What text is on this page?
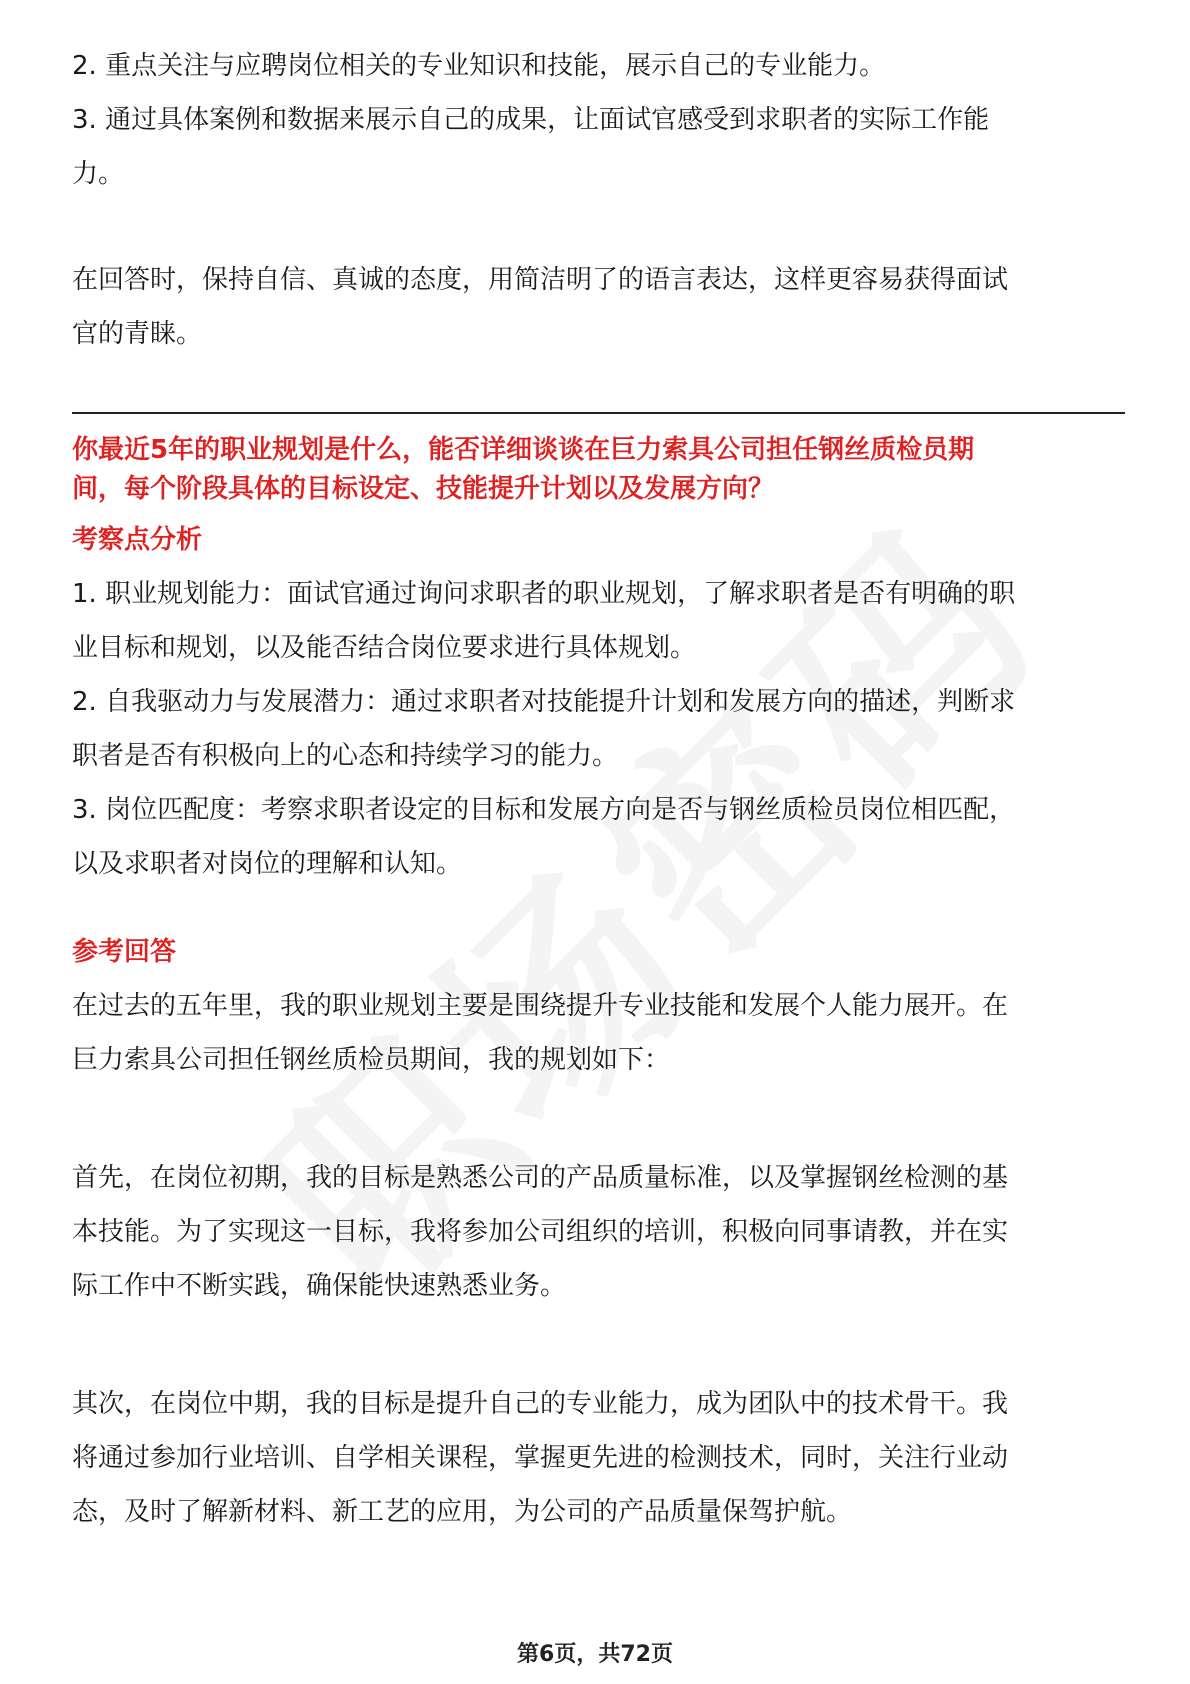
2. 重点关注与应聘岗位相关的专业知识和技能，展示自己的专业能力。
3. 通过具体案例和数据来展示自己的成果，让面试官感受到求职者的实际工作能
力。
在回答时，保持自信、真诚的态度，用简洁明了的语言表达，这样更容易获得面试
官的青睐。
你最近5年的职业规划是什么，能否详细谈谈在巨力索具公司担任钢丝质检员期
间，每个阶段具体的目标设定、技能提升计划以及发展方向？
考察点分析
1. 职业规划能力：面试官通过询问求职者的职业规划，了解求职者是否有明确的职
业目标和规划，以及能否结合岗位要求进行具体规划。
2. 自我驱动力与发展潜力：通过求职者对技能提升计划和发展方向的描述，判断求
职者是否有积极向上的心态和持续学习的能力。
3. 岗位匹配度：考察求职者设定的目标和发展方向是否与钢丝质检员岗位相匹配，
以及求职者对岗位的理解和认知。
参考回答
在过去的五年里，我的职业规划主要是围绕提升专业技能和发展个人能力展开。在
巨力索具公司担任钢丝质检员期间，我的规划如下：
首先，在岗位初期，我的目标是熟悉公司的产品质量标准，以及掌握钢丝检测的基
本技能。为了实现这一目标，我将参加公司组织的培训，积极向同事请教，并在实
际工作中不断实践，确保能快速熟悉业务。
其次，在岗位中期，我的目标是提升自己的专业能力，成为团队中的技术骨干。我
将通过参加行业培训、自学相关课程，掌握更先进的检测技术，同时，关注行业动
态，及时了解新材料、新工艺的应用，为公司的产品质量保驾护航。
第6页，共72页
